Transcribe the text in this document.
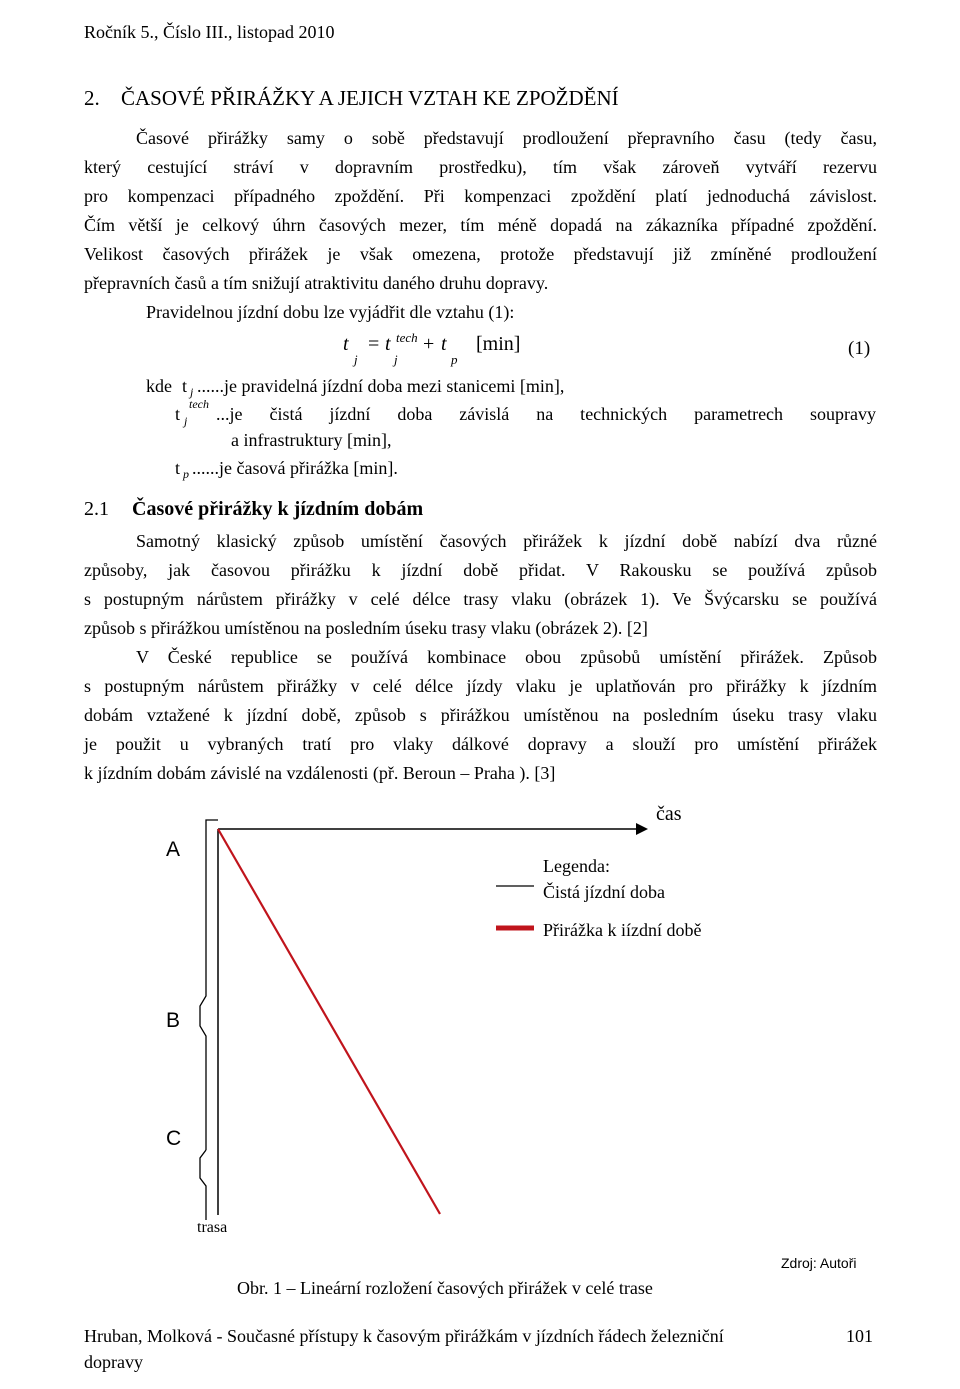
Ročník 5., Číslo III., listopad 2010
2. ČASOVÉ PŘIRÁŽKY A JEJICH VZTAH KE ZPOŽDĚNÍ
Časové přirážky samy o sobě představují prodloužení přepravního času (tedy času,
který cestující stráví v dopravním prostředku), tím však zároveň vytváří rezervu
pro kompenzaci případného zpoždění. Při kompenzaci zpoždění platí jednoduchá závislost.
Čím větší je celkový úhrn časových mezer, tím méně dopadá na zákazníka případné zpoždění.
Velikost časových přirážek je však omezena, protože představují již zmíněné prodloužení
přepravních časů a tím snižují atraktivitu daného druhu dopravy.
Pravidelnou jízdní dobu lze vyjádřit dle vztahu (1):
t
j
= t tech
j
+ t
p
[min]	(1)
kde t j ......je pravidelná jízdní doba mezi stanicemi [min],
t tech
j ...je čistá jízdní doba závislá na technických parametrech soupravy
a infrastruktury [min],
t p ......je časová přirážka [min].
2.1 Časové přirážky k jízdním dobám
Samotný klasický způsob umístění časových přirážek k jízdní době nabízí dva různé
způsoby, jak časovou přirážku k jízdní době přidat. V Rakousku se používá způsob
s postupným nárůstem přirážky v celé délce trasy vlaku (obrázek 1). Ve Švýcarsku se používá
způsob s přirážkou umístěnou na posledním úseku trasy vlaku (obrázek 2). [2]
V České republice se používá kombinace obou způsobů umístění přirážek. Způsob
s postupným nárůstem přirážky v celé délce jízdy vlaku je uplatňován pro přirážky k jízdním
dobám vztažené k jízdní době, způsob s přirážkou umístěnou na posledním úseku trasy vlaku
je použit u vybraných tratí pro vlaky dálkové dopravy a slouží pro umístění přirážek
k jízdním dobám závislé na vzdálenosti (př. Beroun – Praha ). [3]
čas
A
B
C
trasa
Legenda:
Čistá jízdní doba
Přirážka k iízdní době
Zdroj: Autoři
Obr. 1 – Lineární rozložení časových přirážek v celé trase
Hruban, Molková - Současné přístupy k časovým přirážkám v jízdních řádech železniční
dopravy
101
